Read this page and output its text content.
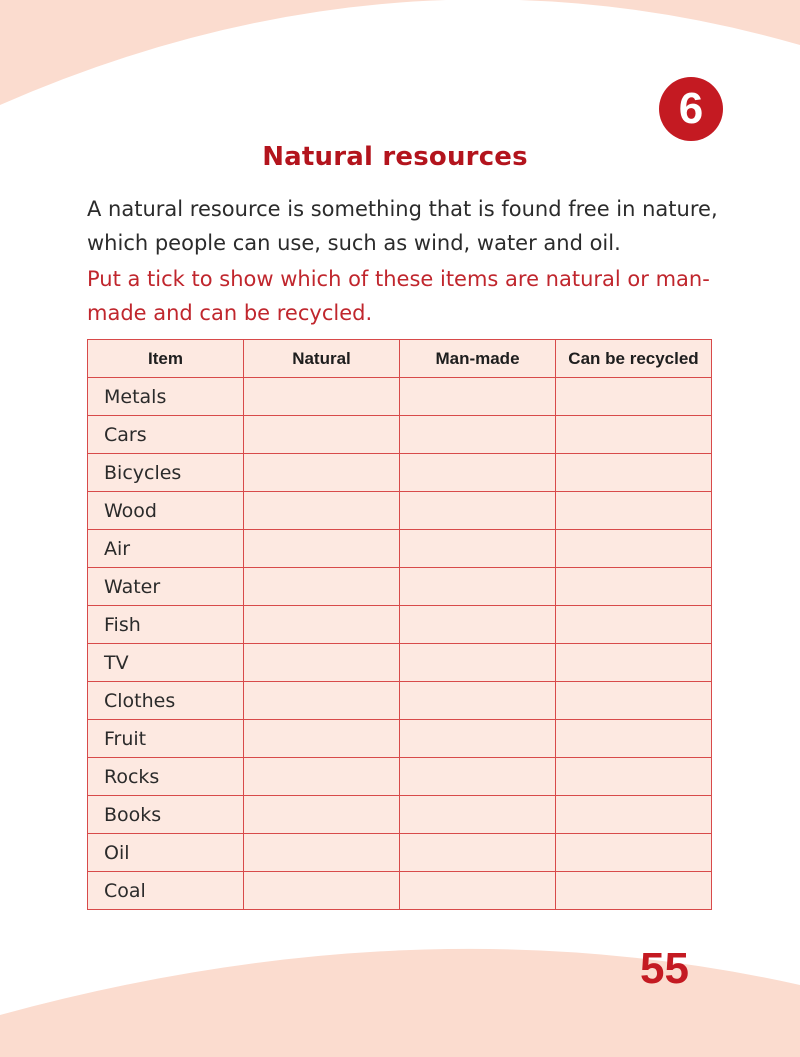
6
Natural resources

A natural resource is something that is found free in nature, which people can use, such as wind, water and oil.

Put a tick to show which of these items are natural or man-made and can be recycled.

Item	Natural	Man-made	Can be recycled
Metals			
Cars			
Bicycles			
Wood			
Air			
Water			
Fish			
TV			
Clothes			
Fruit			
Rocks			
Books			
Oil			
Coal			
55
